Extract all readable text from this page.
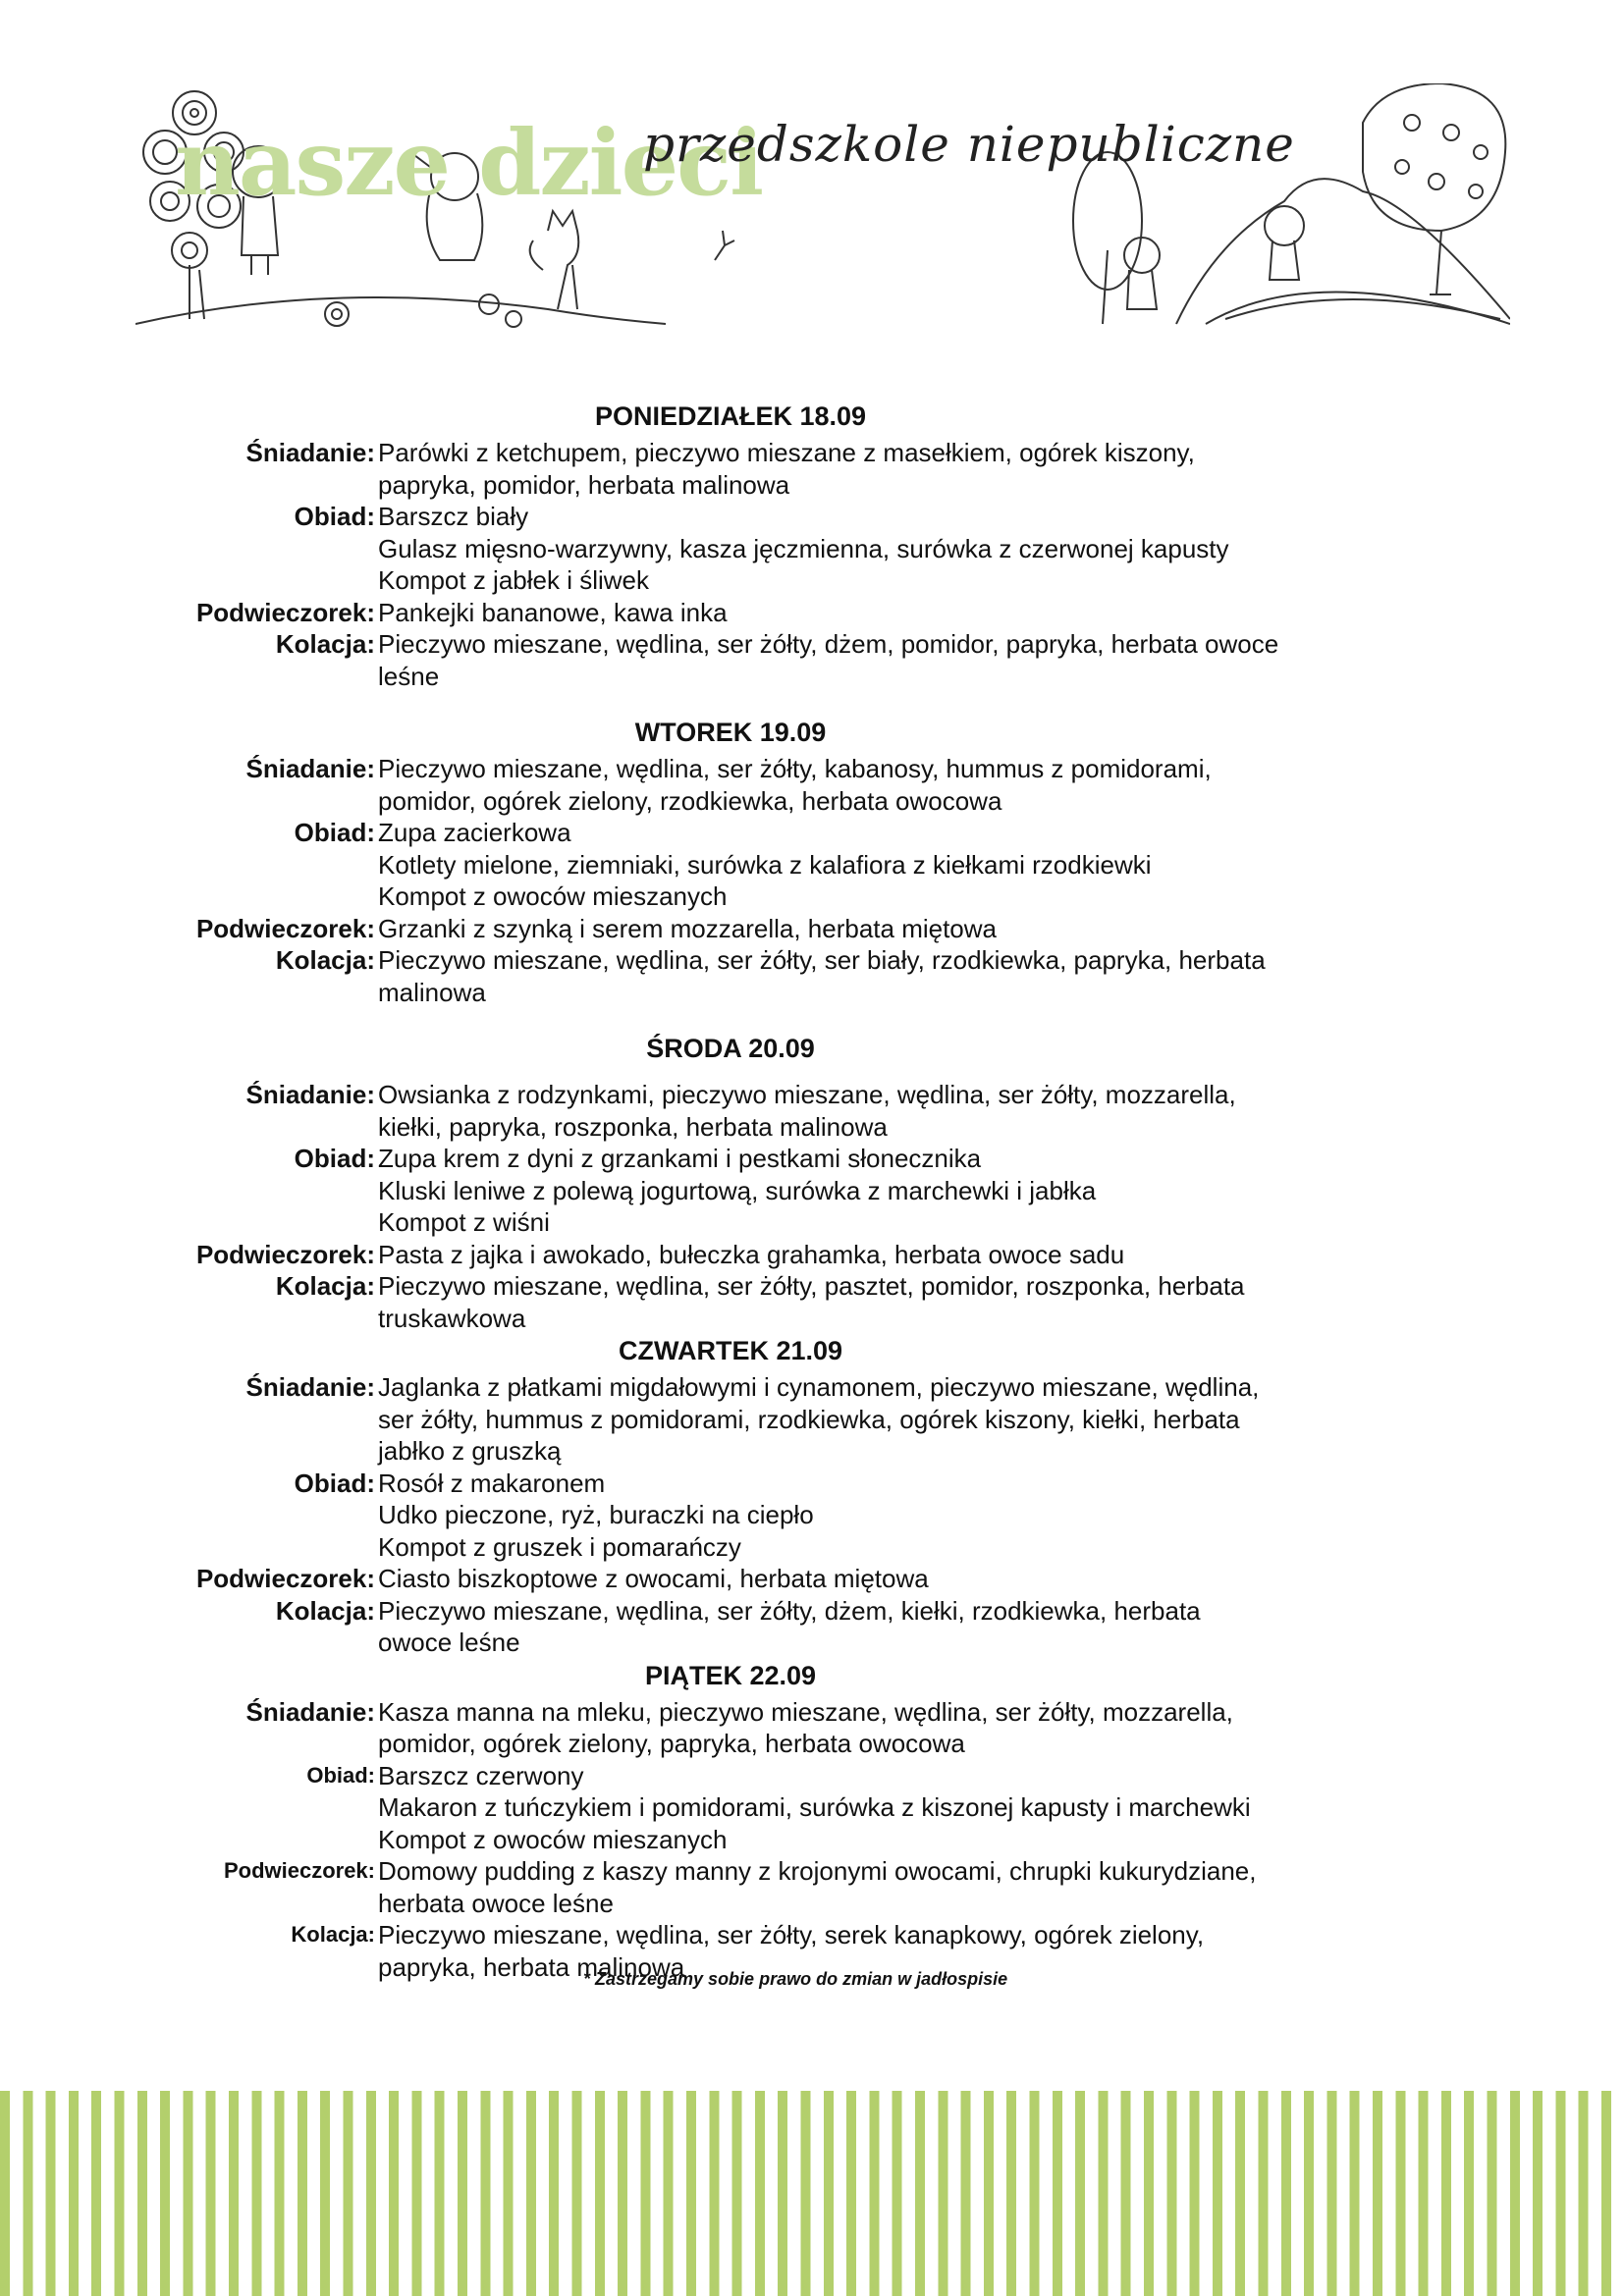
nasze dzieci
przedszkole niepubliczne
PONIEDZIAŁEK 18.09
Śniadanie: Parówki z ketchupem, pieczywo mieszane z masełkiem, ogórek kiszony,
papryka, pomidor, herbata malinowa
Obiad: Barszcz biały
Gulasz mięsno-warzywny, kasza jęczmienna, surówka z czerwonej kapusty
Kompot z jabłek i śliwek
Podwieczorek: Pankejki bananowe, kawa inka
Kolacja: Pieczywo mieszane, wędlina, ser żółty, dżem, pomidor, papryka, herbata owoce
leśne
WTOREK 19.09
Śniadanie: Pieczywo mieszane, wędlina, ser żółty, kabanosy, hummus z pomidorami,
pomidor, ogórek zielony, rzodkiewka, herbata owocowa
Obiad: Zupa zacierkowa
Kotlety mielone, ziemniaki, surówka z kalafiora z kiełkami rzodkiewki
Kompot z owoców mieszanych
Podwieczorek: Grzanki z szynką i serem mozzarella, herbata miętowa
Kolacja: Pieczywo mieszane, wędlina, ser żółty, ser biały, rzodkiewka, papryka, herbata
malinowa
ŚRODA 20.09
Śniadanie: Owsianka z rodzynkami, pieczywo mieszane, wędlina, ser żółty, mozzarella,
kiełki, papryka, roszponka, herbata malinowa
Obiad: Zupa krem z dyni z grzankami i pestkami słonecznika
Kluski leniwe z polewą jogurtową, surówka z marchewki i jabłka
Kompot z wiśni
Podwieczorek: Pasta z jajka i awokado, bułeczka grahamka, herbata owoce sadu
Kolacja: Pieczywo mieszane, wędlina, ser żółty, pasztet, pomidor, roszponka, herbata
truskawkowa
CZWARTEK 21.09
Śniadanie: Jaglanka z płatkami migdałowymi i cynamonem, pieczywo mieszane, wędlina,
ser żółty, hummus z pomidorami, rzodkiewka, ogórek kiszony, kiełki, herbata
jabłko z gruszką
Obiad: Rosół z makaronem
Udko pieczone, ryż, buraczki na ciepło
Kompot z gruszek i pomarańczy
Podwieczorek: Ciasto biszkoptowe z owocami, herbata miętowa
Kolacja: Pieczywo mieszane, wędlina, ser żółty, dżem, kiełki, rzodkiewka, herbata
owoce leśne
PIĄTEK 22.09
Śniadanie: Kasza manna na mleku, pieczywo mieszane, wędlina, ser żółty, mozzarella,
pomidor, ogórek zielony, papryka, herbata owocowa
Obiad: Barszcz czerwony
Makaron z tuńczykiem i pomidorami, surówka z kiszonej kapusty i marchewki
Kompot z owoców mieszanych
Podwieczorek: Domowy pudding z kaszy manny z krojonymi owocami, chrupki kukurydziane,
herbata owoce leśne
Kolacja: Pieczywo mieszane, wędlina, ser żółty, serek kanapkowy, ogórek zielony,
papryka, herbata malinowa
* Zastrzegamy sobie prawo do zmian w jadłospisie
